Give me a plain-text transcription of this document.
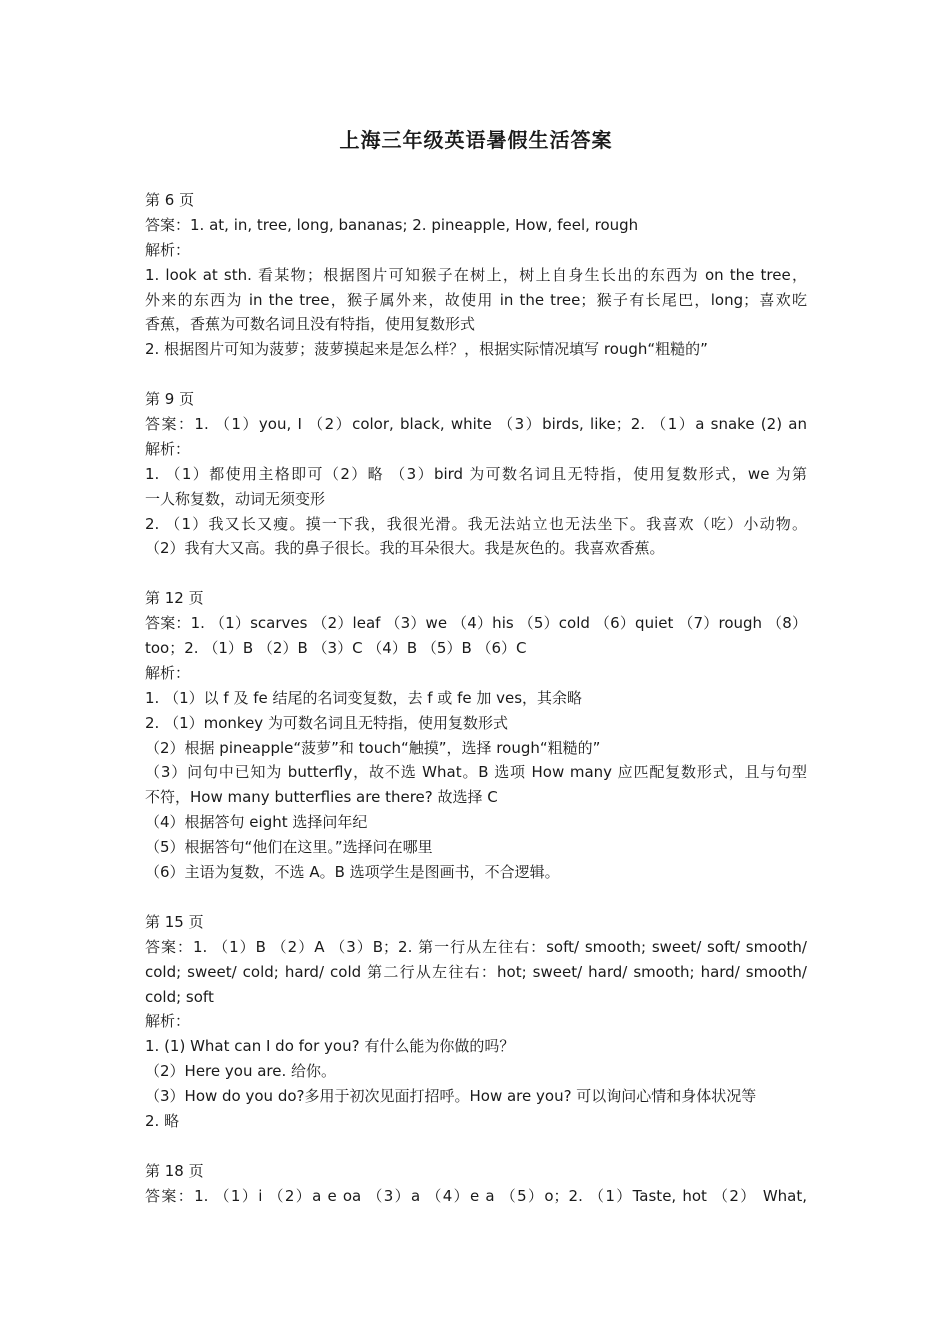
上海三年级英语暑假生活答案
第 6 页
答案：1. at, in, tree, long, bananas; 2. pineapple, How, feel, rough
解析：
1. look at sth. 看某物；根据图片可知猴子在树上，树上自身生长出的东西为 on the tree，
外来的东西为 in the tree，猴子属外来，故使用 in the tree；猴子有长尾巴，long；喜欢吃
香蕉，香蕉为可数名词且没有特指，使用复数形式
2. 根据图片可知为菠萝；菠萝摸起来是怎么样？，根据实际情况填写 rough“粗糙的”
第 9 页
答案：1. （1）you, I （2）color, black, white （3）birds, like；2. （1）a snake (2) an
解析：
1. （1）都使用主格即可（2）略 （3）bird 为可数名词且无特指，使用复数形式，we 为第
一人称复数，动词无须变形
2. （1）我又长又瘦。摸一下我，我很光滑。我无法站立也无法坐下。我喜欢（吃）小动物。
（2）我有大又高。我的鼻子很长。我的耳朵很大。我是灰色的。我喜欢香蕉。
第 12 页
答案：1. （1）scarves （2）leaf （3）we （4）his （5）cold （6）quiet （7）rough （8）
too；2. （1）B （2）B （3）C （4）B （5）B （6）C
解析：
1. （1）以 f 及 fe 结尾的名词变复数，去 f 或 fe 加 ves，其余略
2. （1）monkey 为可数名词且无特指，使用复数形式
（2）根据 pineapple“菠萝”和 touch“触摸”，选择 rough“粗糙的”
（3）问句中已知为 butterfly，故不选 What。B 选项 How many 应匹配复数形式，且与句型
不符，How many butterflies are there? 故选择 C
（4）根据答句 eight 选择问年纪
（5）根据答句“他们在这里。”选择问在哪里
（6）主语为复数，不选 A。B 选项学生是图画书，不合逻辑。
第 15 页
答案：1. （1）B （2）A （3）B；2. 第一行从左往右：soft/ smooth; sweet/ soft/ smooth/
cold; sweet/ cold; hard/ cold 第二行从左往右：hot; sweet/ hard/ smooth; hard/ smooth/
cold; soft
解析：
1. (1) What can I do for you? 有什么能为你做的吗？
（2）Here you are. 给你。
（3）How do you do?多用于初次见面打招呼。How are you? 可以询问心情和身体状况等
2. 略
第 18 页
答案：1. （1）i （2）a e oa （3）a （4）e a （5）o；2. （1）Taste, hot （2） What,
